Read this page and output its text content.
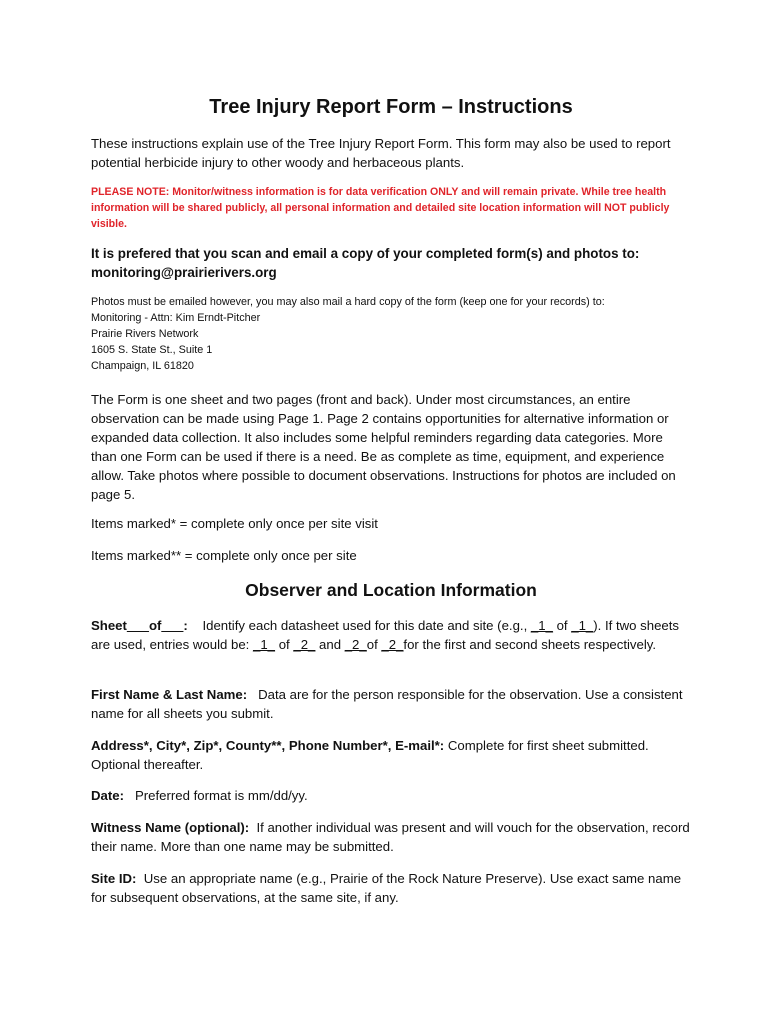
Tree Injury Report Form – Instructions

These instructions explain use of the Tree Injury Report Form. This form may also be used to report potential herbicide injury to other woody and herbaceous plants.

PLEASE NOTE: Monitor/witness information is for data verification ONLY and will remain private. While tree health information will be shared publicly, all personal information and detailed site location information will NOT publicly visible.

It is prefered that you scan and email a copy of your completed form(s) and photos to: monitoring@prairierivers.org

Photos must be emailed however, you may also mail a hard copy of the form (keep one for your records) to:
Monitoring - Attn: Kim Erndt-Pitcher
Prairie Rivers Network
1605 S. State St., Suite 1
Champaign, IL 61820

The Form is one sheet and two pages (front and back). Under most circumstances, an entire observation can be made using Page 1. Page 2 contains opportunities for alternative information or expanded data collection. It also includes some helpful reminders regarding data categories. More than one Form can be used if there is a need. Be as complete as time, equipment, and experience allow. Take photos where possible to document observations. Instructions for photos are included on page 5.

Items marked* = complete only once per site visit

Items marked** = complete only once per site

Observer and Location Information

Sheet___of___: Identify each datasheet used for this date and site (e.g., _1_ of _1_). If two sheets are used, entries would be: _1_ of _2_ and _2_of _2_for the first and second sheets respectively.

First Name & Last Name: Data are for the person responsible for the observation. Use a consistent name for all sheets you submit.

Address*, City*, Zip*, County**, Phone Number*, E-mail*: Complete for first sheet submitted. Optional thereafter.

Date: Preferred format is mm/dd/yy.

Witness Name (optional): If another individual was present and will vouch for the observation, record their name. More than one name may be submitted.

Site ID: Use an appropriate name (e.g., Prairie of the Rock Nature Preserve). Use exact same name for subsequent observations, at the same site, if any.
